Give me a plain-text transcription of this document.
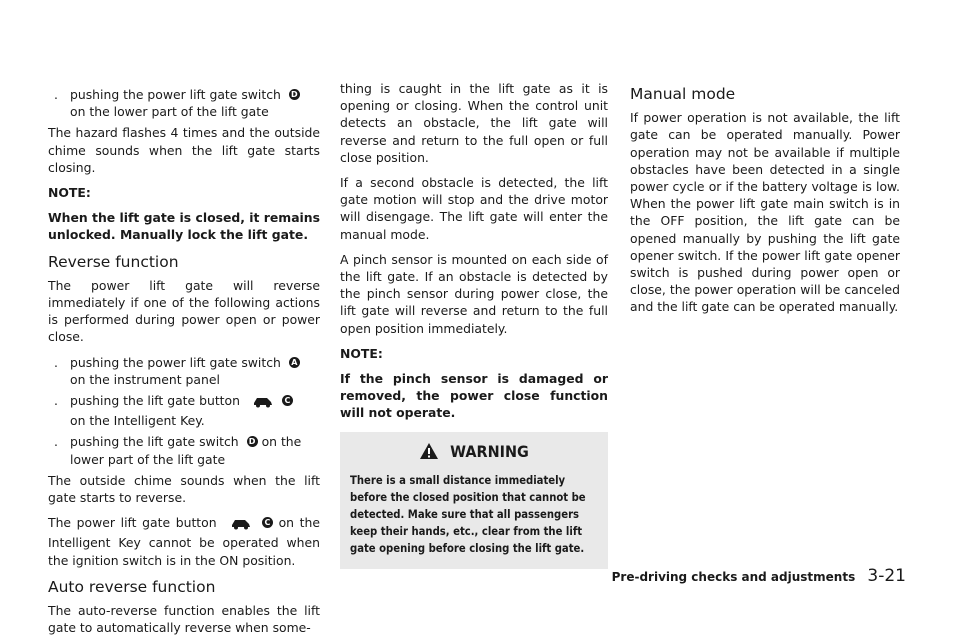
. pushing the power lift gate switch D
on the lower part of the lift gate

The hazard flashes 4 times and the outside chime sounds when the lift gate starts closing.

NOTE:

When the lift gate is closed, it remains unlocked. Manually lock the lift gate.

Reverse function

The power lift gate will reverse immediately if one of the following actions is performed during power open or power close.

. pushing the power lift gate switch A
on the instrument panel
. pushing the lift gate button	C
on the Intelligent Key.
. pushing the lift gate switch D on the
lower part of the lift gate

The outside chime sounds when the lift gate starts to reverse.

The power lift gate button	C on the Intelligent Key cannot be operated when the ignition switch is in the ON position.

Auto reverse function

The auto-reverse function enables the lift gate to automatically reverse when some-

thing is caught in the lift gate as it is opening or closing. When the control unit detects an obstacle, the lift gate will reverse and return to the full open or full close position.

If a second obstacle is detected, the lift gate motion will stop and the drive motor will disengage. The lift gate will enter the manual mode.

A pinch sensor is mounted on each side of the lift gate. If an obstacle is detected by the pinch sensor during power close, the lift gate will reverse and return to the full open position immediately.

NOTE:

If the pinch sensor is damaged or removed, the power close function will not operate.

WARNING
There is a small distance immediately before the closed position that cannot be detected. Make sure that all passengers keep their hands, etc., clear from the lift gate opening before closing the lift gate.
Manual mode

If power operation is not available, the lift gate can be operated manually. Power operation may not be available if multiple obstacles have been detected in a single power cycle or if the battery voltage is low. When the power lift gate main switch is in the OFF position, the lift gate can be opened manually by pushing the lift gate opener switch. If the power lift gate opener switch is pushed during power open or close, the power operation will be canceled and the lift gate can be operated manually.

Pre-driving checks and adjustments 3-21
